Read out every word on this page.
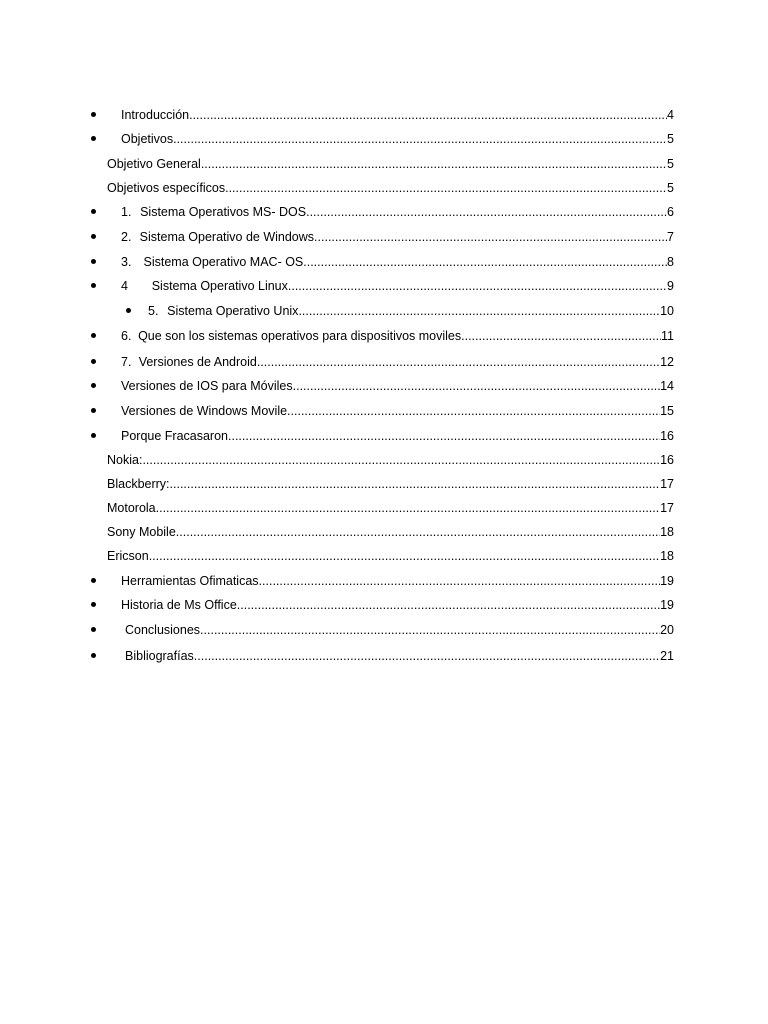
Introducción .....	4
Objetivos .....	5
Objetivo General .....	5
Objetivos específicos .....	5
1. Sistema Operativos MS- DOS .....	6
2. Sistema Operativo de Windows .....	7
3. Sistema Operativo MAC- OS .....	8
4	Sistema Operativo Linux .....	9
5. Sistema Operativo Unix .....	10
6. Que son los sistemas operativos para dispositivos moviles .....	11
7. Versiones de Android .....	12
Versiones de IOS para Móviles .....	14
Versiones de Windows Movile .....	15
Porque Fracasaron .....	16
Nokia: .....	16
Blackberry: .....	17
Motorola .....	17
Sony Mobile .....	18
Ericson .....	18
Herramientas Ofimaticas .....	19
Historia de Ms Office .....	19
Conclusiones .....	20
Bibliografías .....	21
